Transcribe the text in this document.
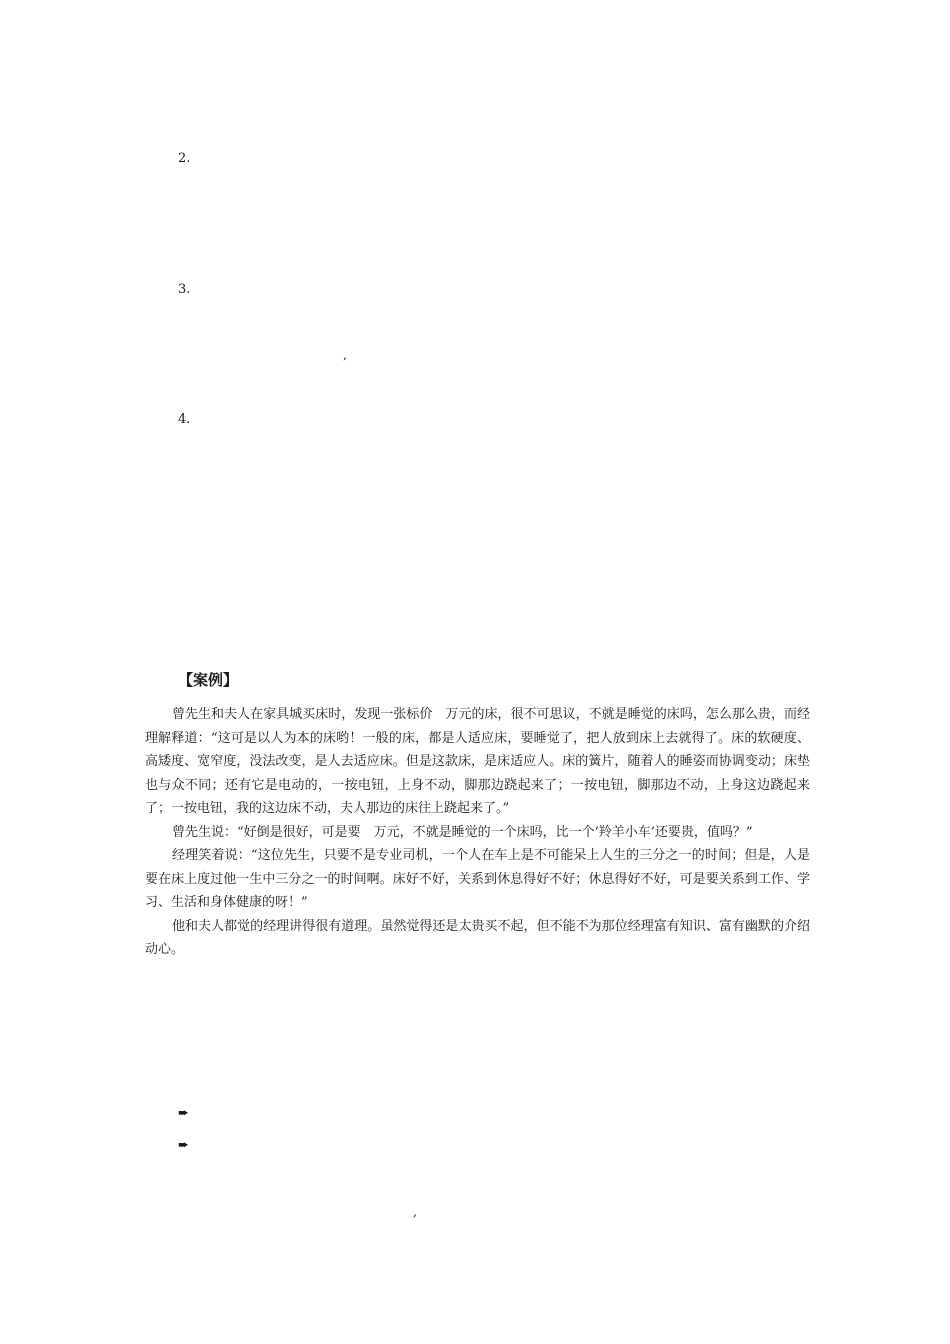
2.
3.
,
4.
【案例】

曾先生和夫人在家具城买床时，发现一张标价　万元的床，很不可思议，不就是睡觉的床吗，怎么那么贵，而经理解释道：“这可是以人为本的床哟！一般的床，都是人适应床，要睡觉了，把人放到床上去就得了。床的软硬度、高矮度、宽窄度，没法改变，是人去适应床。但是这款床，是床适应人。床的簧片，随着人的睡姿而协调变动；床垫也与众不同；还有它是电动的，一按电钮，上身不动，脚那边跷起来了；一按电钮，脚那边不动，上身这边跷起来了；一按电钮，我的这边床不动，夫人那边的床往上跷起来了。”

曾先生说：“好倒是很好，可是要　万元，不就是睡觉的一个床吗，比一个‘羚羊小车’还要贵，值吗？”

经理笑着说：“这位先生，只要不是专业司机，一个人在车上是不可能呆上人生的三分之一的时间；但是，人是要在床上度过他一生中三分之一的时间啊。床好不好，关系到休息得好不好；休息得好不好，可是要关系到工作、学习、生活和身体健康的呀！”

他和夫人都觉的经理讲得很有道理。虽然觉得还是太贵买不起，但不能不为那位经理富有知识、富有幽默的介绍动心。

➨
➨
,
